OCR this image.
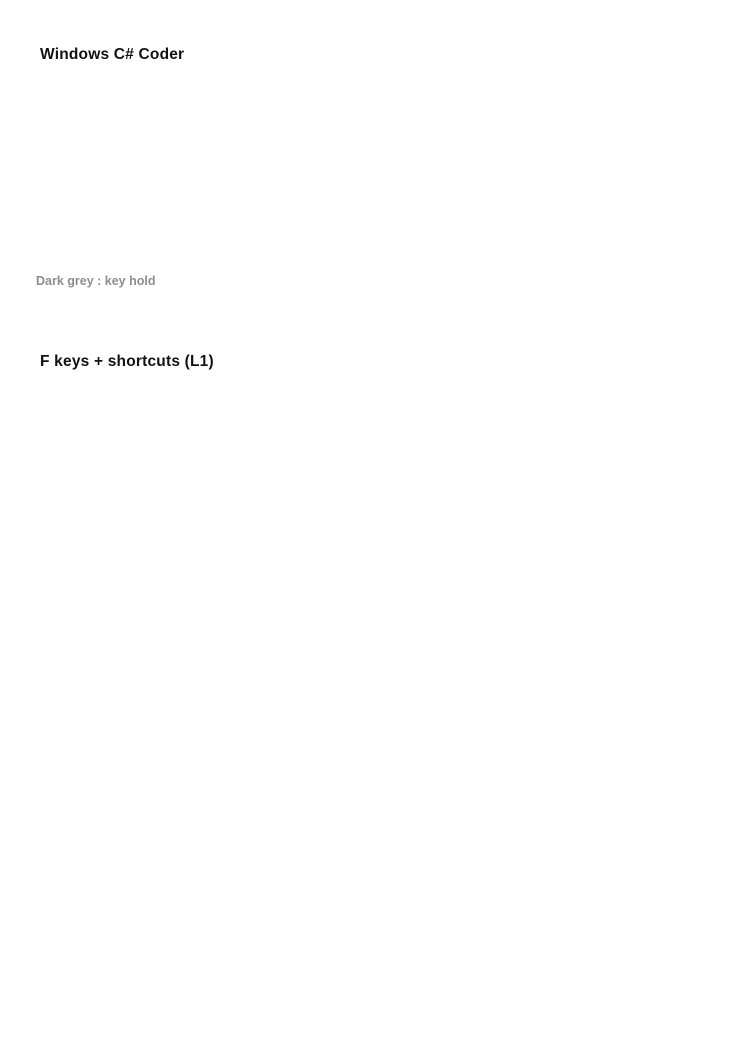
Windows C# Coder
Dark grey : key hold
F keys + shortcuts (L1)
